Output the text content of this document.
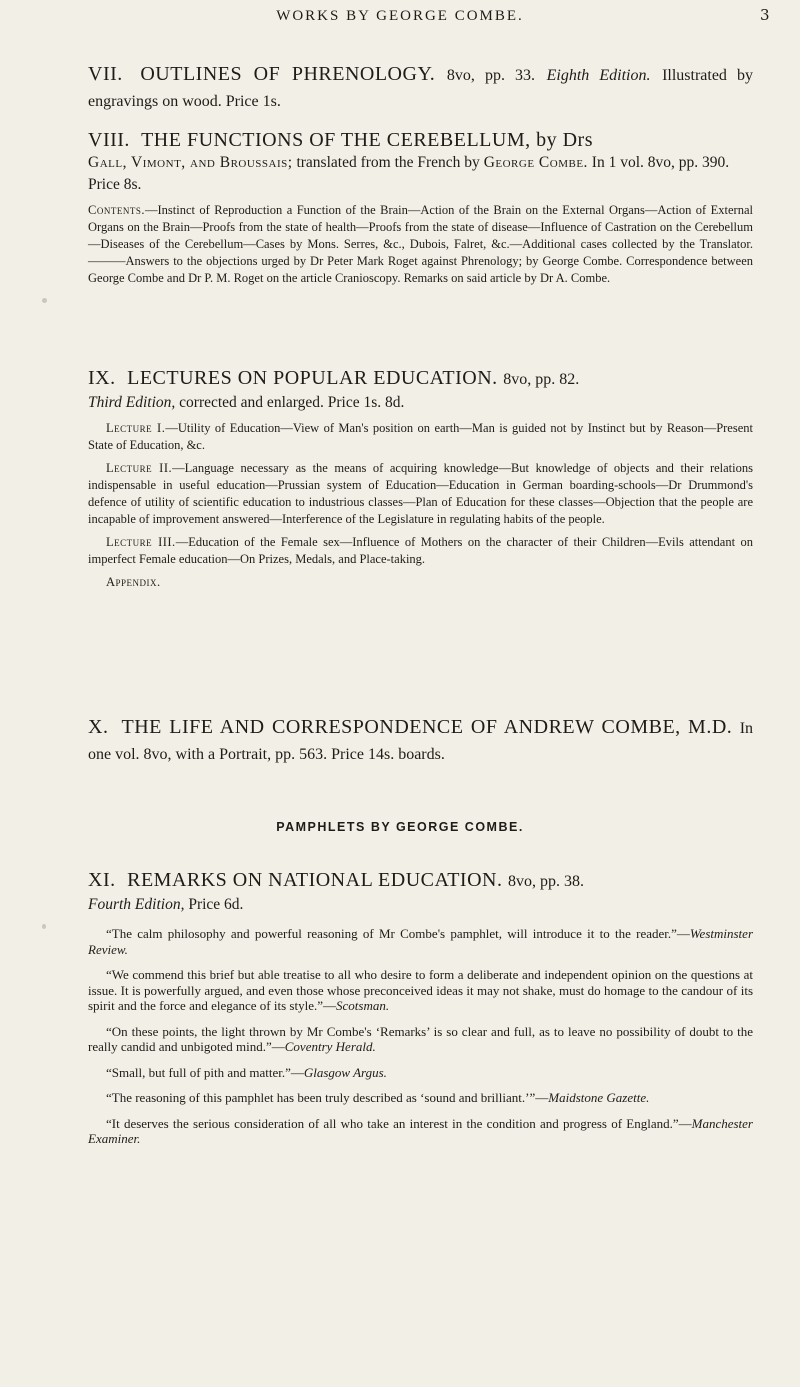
WORKS BY GEORGE COMBE.	3
VII. OUTLINES OF PHRENOLOGY. 8vo, pp. 33. Eighth Edition. Illustrated by engravings on wood. Price 1s.
VIII. THE FUNCTIONS OF THE CEREBELLUM, by Drs
Gall, Vimont, and Broussais; translated from the French by George Combe. In 1 vol. 8vo, pp. 390. Price 8s.

Contents.—Instinct of Reproduction a Function of the Brain—Action of the Brain on the External Organs—Action of External Organs on the Brain—Proofs from the state of health—Proofs from the state of disease—Influence of Castration on the Cerebellum—Diseases of the Cerebellum—Cases by Mons. Serres, &c., Dubois, Falret, &c.—Additional cases collected by the Translator.———Answers to the objections urged by Dr Peter Mark Roget against Phrenology; by George Combe. Correspondence between George Combe and Dr P. M. Roget on the article Cranioscopy. Remarks on said article by Dr A. Combe.

IX. LECTURES ON POPULAR EDUCATION. 8vo, pp. 82.
Third Edition, corrected and enlarged. Price 1s. 8d.

Lecture I.—Utility of Education—View of Man's position on earth—Man is guided not by Instinct but by Reason—Present State of Education, &c.

Lecture II.—Language necessary as the means of acquiring knowledge—But knowledge of objects and their relations indispensable in useful education—Prussian system of Education—Education in German boarding-schools—Dr Drummond's defence of utility of scientific education to industrious classes—Plan of Education for these classes—Objection that the people are incapable of improvement answered—Interference of the Legislature in regulating habits of the people.

Lecture III.—Education of the Female sex—Influence of Mothers on the character of their Children—Evils attendant on imperfect Female education—On Prizes, Medals, and Place-taking.

Appendix.

X. THE LIFE AND CORRESPONDENCE OF ANDREW COMBE, M.D. In one vol. 8vo, with a Portrait, pp. 563. Price 14s. boards.
PAMPHLETS BY GEORGE COMBE.
XI. REMARKS ON NATIONAL EDUCATION. 8vo, pp. 38.
Fourth Edition, Price 6d.

“The calm philosophy and powerful reasoning of Mr Combe's pamphlet, will introduce it to the reader.”—Westminster Review.

“We commend this brief but able treatise to all who desire to form a deliberate and independent opinion on the questions at issue. It is powerfully argued, and even those whose preconceived ideas it may not shake, must do homage to the candour of its spirit and the force and elegance of its style.”—Scotsman.

“On these points, the light thrown by Mr Combe's ‘Remarks’ is so clear and full, as to leave no possibility of doubt to the really candid and unbigoted mind.”—Coventry Herald.

“Small, but full of pith and matter.”—Glasgow Argus.

“The reasoning of this pamphlet has been truly described as ‘sound and brilliant.’”—Maidstone Gazette.

“It deserves the serious consideration of all who take an interest in the condition and progress of England.”—Manchester Examiner.
